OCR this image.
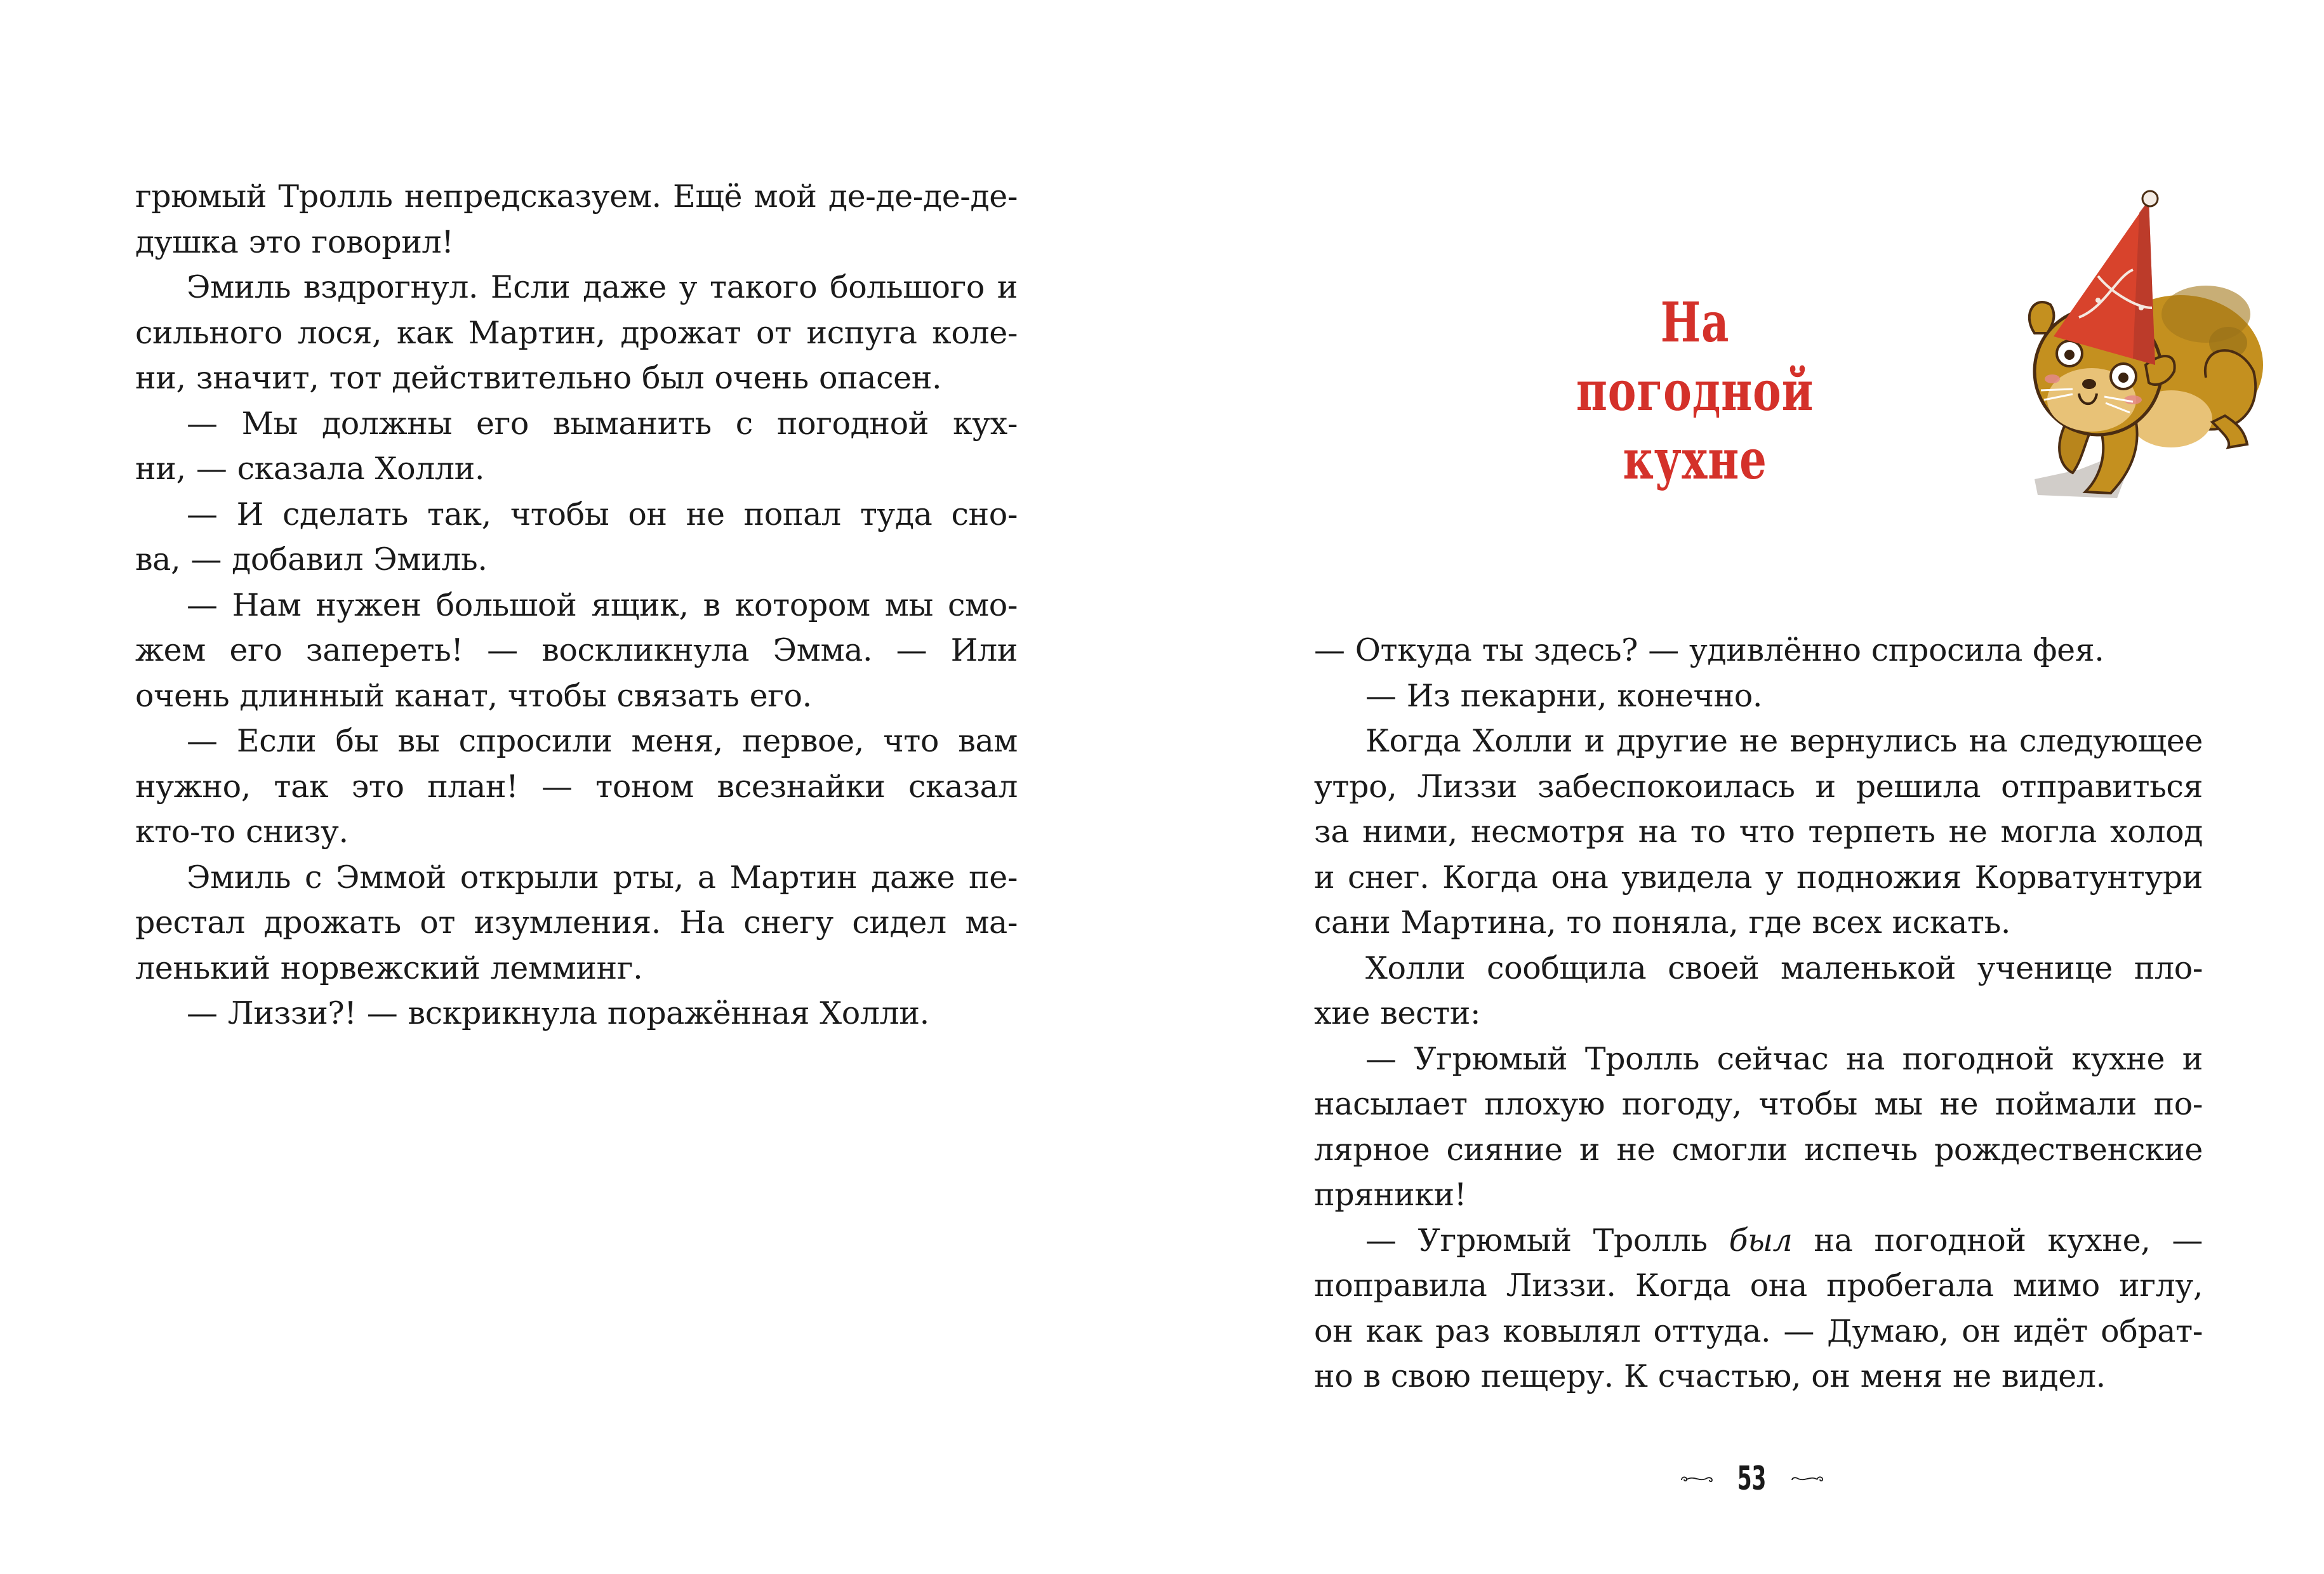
грюмый Тролль непредсказуем. Ещё мой де-де-де-де-
душка это говорил!
Эмиль вздрогнул. Если даже у такого большого и
сильного лося, как Мартин, дрожат от испуга коле-
ни, значит, тот действительно был очень опасен.
— Мы должны его выманить с погодной кух-
ни, — сказала Холли.
— И сделать так, чтобы он не попал туда сно-
ва, — добавил Эмиль.
— Нам нужен большой ящик, в котором мы смо-
жем его запереть! — воскликнула Эмма. — Или
очень длинный канат, чтобы связать его.
— Если бы вы спросили меня, первое, что вам
нужно, так это план! — тоном всезнайки сказал
кто-то снизу.
Эмиль с Эммой открыли рты, а Мартин даже пе-
рестал дрожать от изумления. На снегу сидел ма-
ленький норвежский лемминг.
— Лиззи?! — вскрикнула поражённая Холли.
На погодной
кухне
— Откуда ты здесь? — удивлённо спросила фея.
— Из пекарни, конечно.
Когда Холли и другие не вернулись на следующее
утро, Лиззи забеспокоилась и решила отправиться
за ними, несмотря на то что терпеть не могла холод
и снег. Когда она увидела у подножия Корватунтури
сани Мартина, то поняла, где всех искать.
Холли сообщила своей маленькой ученице пло-
хие вести:
— Угрюмый Тролль сейчас на погодной кухне и
насылает плохую погоду, чтобы мы не поймали по-
лярное сияние и не смогли испечь рождественские
пряники!
— Угрюмый Тролль был на погодной кухне, —
поправила Лиззи. Когда она пробегала мимо иглу,
он как раз ковылял оттуда. — Думаю, он идёт обрат-
но в свою пещеру. К счастью, он меня не видел.
53
